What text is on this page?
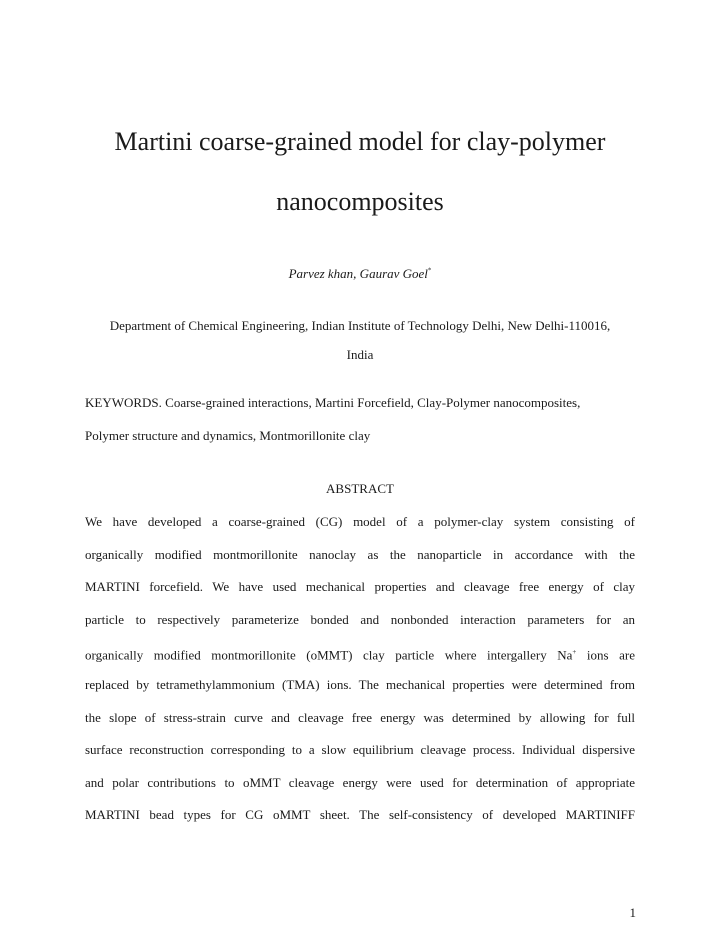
Martini coarse-grained model for clay-polymer
nanocomposites
Parvez khan, Gaurav Goel*
Department of Chemical Engineering, Indian Institute of Technology Delhi, New Delhi-110016,
India
KEYWORDS. Coarse-grained interactions, Martini Forcefield, Clay-Polymer nanocomposites,
Polymer structure and dynamics, Montmorillonite clay
ABSTRACT
We have developed a coarse-grained (CG) model of a polymer-clay system consisting of
organically modified montmorillonite nanoclay as the nanoparticle in accordance with the
MARTINI forcefield. We have used mechanical properties and cleavage free energy of clay
particle to respectively parameterize bonded and nonbonded interaction parameters for an
organically modified montmorillonite (oMMT) clay particle where intergallery Na+ ions are
replaced by tetramethylammonium (TMA) ions. The mechanical properties were determined from
the slope of stress-strain curve and cleavage free energy was determined by allowing for full
surface reconstruction corresponding to a slow equilibrium cleavage process. Individual dispersive
and polar contributions to oMMT cleavage energy were used for determination of appropriate
MARTINI bead types for CG oMMT sheet. The self-consistency of developed MARTINIFF
1
